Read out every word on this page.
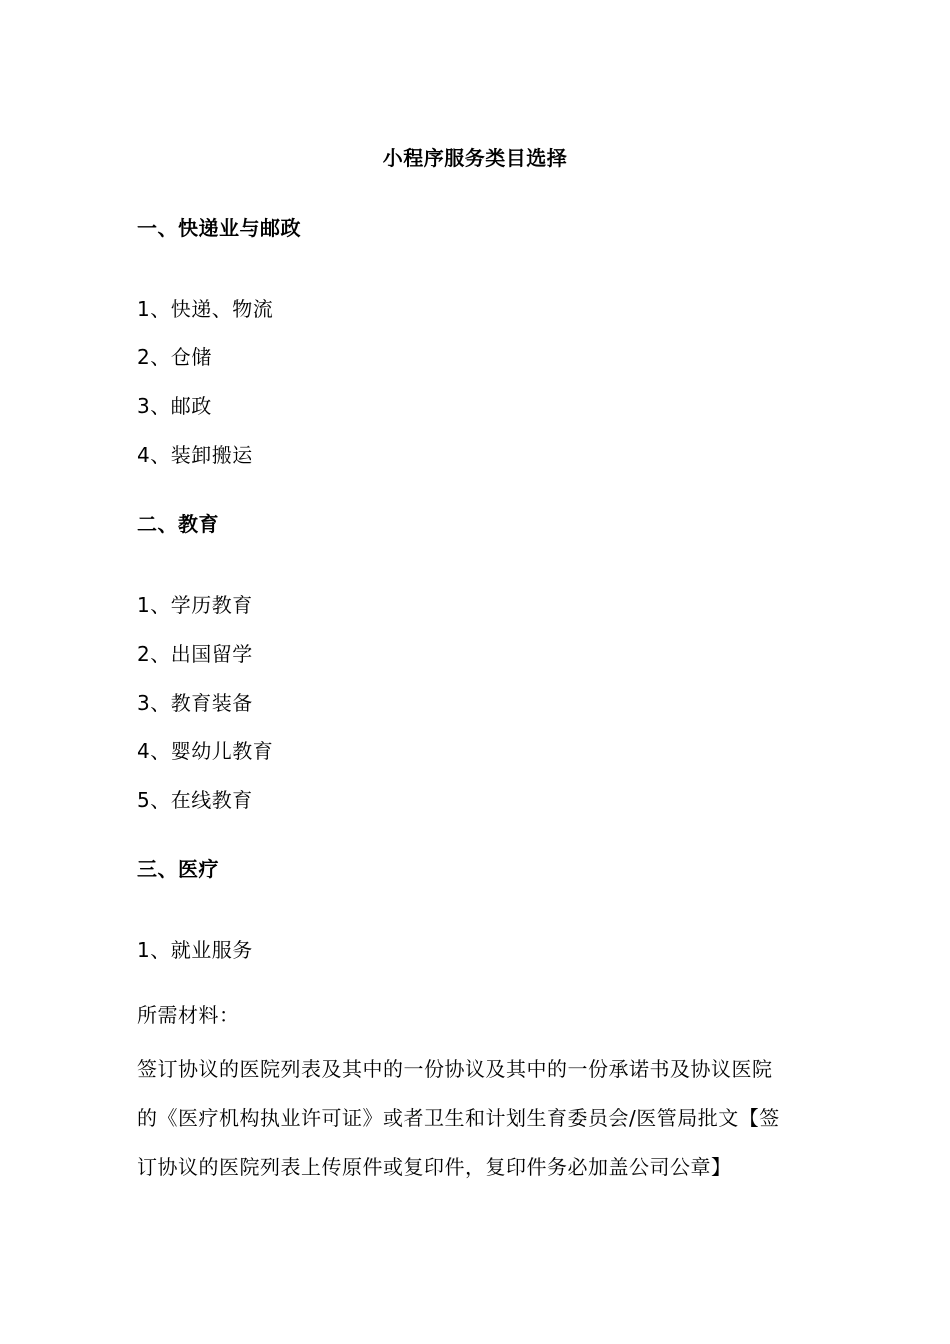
小程序服务类目选择
一、快递业与邮政
1、快递、物流
2、仓储
3、邮政
4、装卸搬运
二、教育
1、学历教育
2、出国留学
3、教育装备
4、婴幼儿教育
5、在线教育
三、医疗
1、就业服务
所需材料：
签订协议的医院列表及其中的一份协议及其中的一份承诺书及协议医院
的《医疗机构执业许可证》或者卫生和计划生育委员会/医管局批文【签
订协议的医院列表上传原件或复印件，复印件务必加盖公司公章】
